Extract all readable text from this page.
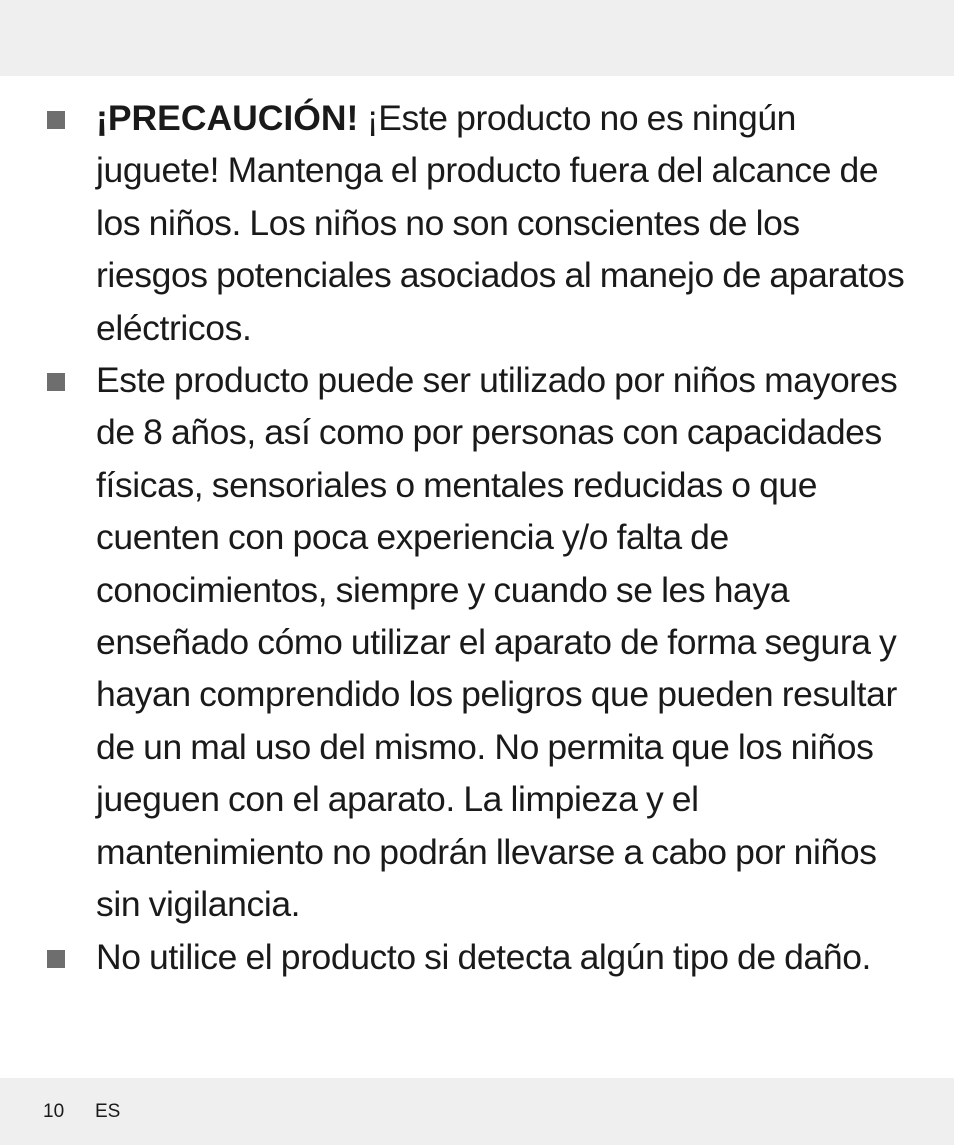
¡PRECAUCIÓN! ¡Este producto no es ningún juguete! Mantenga el producto fuera del alcance de los niños. Los niños no son conscientes de los riesgos potenciales asociados al manejo de aparatos eléctricos.
Este producto puede ser utilizado por niños mayores de 8 años, así como por personas con capacidades físicas, sensoriales o mentales reducidas o que cuenten con poca experiencia y/o falta de conocimientos, siempre y cuando se les haya enseñado cómo utilizar el aparato de forma segura y hayan comprendido los peligros que pueden resultar de un mal uso del mismo. No permita que los niños jueguen con el aparato. La limpieza y el mantenimiento no podrán llevarse a cabo por niños sin vigilancia.
No utilice el producto si detecta algún tipo de daño.
10 ES
